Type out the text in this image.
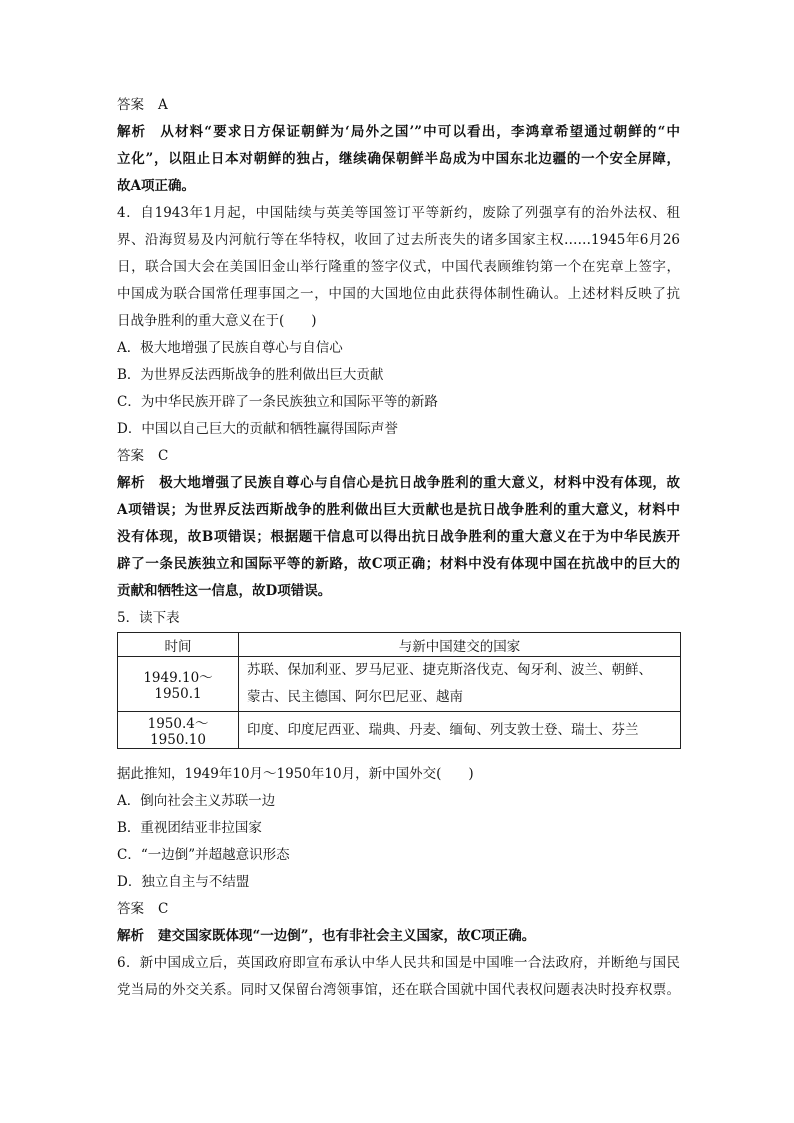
答案 A
解析 从材料“要求日方保证朝鲜为‘局外之国’”中可以看出，李鸿章希望通过朝鲜的“中
立化”，以阻止日本对朝鲜的独占，继续确保朝鲜半岛成为中国东北边疆的一个安全屏障，
故A项正确。
4．自1943年1月起，中国陆续与英美等国签订平等新约，废除了列强享有的治外法权、租
界、沿海贸易及内河航行等在华特权，收回了过去所丧失的诸多国家主权……1945年6月26
日，联合国大会在美国旧金山举行隆重的签字仪式，中国代表顾维钧第一个在宪章上签字，
中国成为联合国常任理事国之一，中国的大国地位由此获得体制性确认。上述材料反映了抗
日战争胜利的重大意义在于(　　)
A．极大地增强了民族自尊心与自信心
B．为世界反法西斯战争的胜利做出巨大贡献
C．为中华民族开辟了一条民族独立和国际平等的新路
D．中国以自己巨大的贡献和牺牲赢得国际声誉
答案 C
解析 极大地增强了民族自尊心与自信心是抗日战争胜利的重大意义，材料中没有体现，故
A项错误；为世界反法西斯战争的胜利做出巨大贡献也是抗日战争胜利的重大意义，材料中
没有体现，故B项错误；根据题干信息可以得出抗日战争胜利的重大意义在于为中华民族开
辟了一条民族独立和国际平等的新路，故C项正确；材料中没有体现中国在抗战中的巨大的
贡献和牺牲这一信息，故D项错误。
5．读下表
时间	与新中国建交的国家
1949.10～1950.1	苏联、保加利亚、罗马尼亚、捷克斯洛伐克、匈牙利、波兰、朝鲜、
蒙古、民主德国、阿尔巴尼亚、越南

1950.4～1950.10	印度、印度尼西亚、瑞典、丹麦、缅甸、列支敦士登、瑞士、芬兰
据此推知，1949年10月～1950年10月，新中国外交(　　)
A．倒向社会主义苏联一边
B．重视团结亚非拉国家
C．“一边倒”并超越意识形态
D．独立自主与不结盟
答案 C
解析 建交国家既体现“一边倒”，也有非社会主义国家，故C项正确。
6．新中国成立后，英国政府即宣布承认中华人民共和国是中国唯一合法政府，并断绝与国民
党当局的外交关系。同时又保留台湾领事馆，还在联合国就中国代表权问题表决时投弃权票。
